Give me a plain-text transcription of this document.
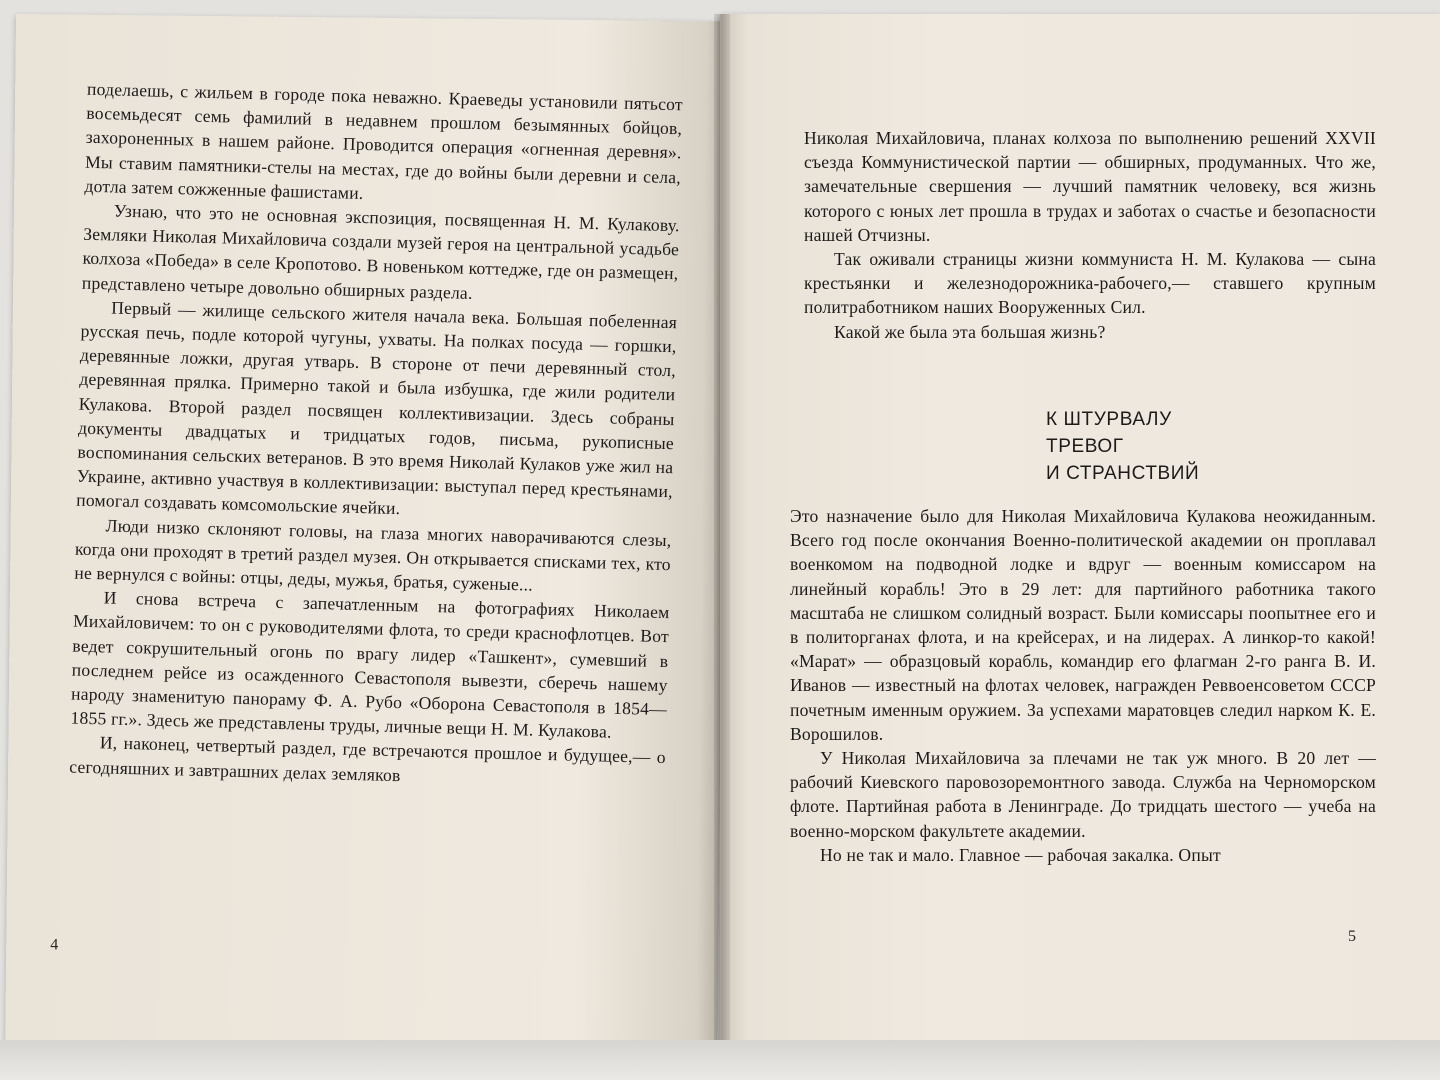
поделаешь, с жильем в городе пока неважно. Краеведы установили пятьсот восемьдесят семь фамилий в недавнем прошлом безымянных бойцов, захороненных в нашем районе. Проводится операция «огненная деревня». Мы ставим памятники-стелы на местах, где до войны были деревни и села, дотла затем сожженные фашистами.

Узнаю, что это не основная экспозиция, посвященная Н. М. Кулакову. Земляки Николая Михайловича создали музей героя на центральной усадьбе колхоза «Победа» в селе Кропотово. В новеньком коттедже, где он размещен, представлено четыре довольно обширных раздела.

Первый — жилище сельского жителя начала века. Большая побеленная русская печь, подле которой чугуны, ухваты. На полках посуда — горшки, деревянные ложки, другая утварь. В стороне от печи деревянный стол, деревянная прялка. Примерно такой и была избушка, где жили родители Кулакова. Второй раздел посвящен коллективизации. Здесь собраны документы двадцатых и тридцатых годов, письма, рукописные воспоминания сельских ветеранов. В это время Николай Кулаков уже жил на Украине, активно участвуя в коллективизации: выступал перед крестьянами, помогал создавать комсомольские ячейки.

Люди низко склоняют головы, на глаза многих наворачиваются слезы, когда они проходят в третий раздел музея. Он открывается списками тех, кто не вернулся с войны: отцы, деды, мужья, братья, суженые...

И снова встреча с запечатленным на фотографиях Николаем Михайловичем: то он с руководителями флота, то среди краснофлотцев. Вот ведет сокрушительный огонь по врагу лидер «Ташкент», сумевший в последнем рейсе из осажденного Севастополя вывезти, сберечь нашему народу знаменитую панораму Ф. А. Рубо «Оборона Севастополя в 1854—1855 гг.». Здесь же представлены труды, личные вещи Н. М. Кулакова.

И, наконец, четвертый раздел, где встречаются прошлое и будущее,— о сегодняшних и завтрашних делах земляков

4

Николая Михайловича, планах колхоза по выполнению решений XXVII съезда Коммунистической партии — обширных, продуманных. Что же, замечательные свершения — лучший памятник человеку, вся жизнь которого с юных лет прошла в трудах и заботах о счастье и безопасности нашей Отчизны.

Так оживали страницы жизни коммуниста Н. М. Кулакова — сына крестьянки и железнодорожника-рабочего,— ставшего крупным политработником наших Вооруженных Сил.

Какой же была эта большая жизнь?

К ШТУРВАЛУ
ТРЕВОГ
И СТРАНСТВИЙ

Это назначение было для Николая Михайловича Кулакова неожиданным. Всего год после окончания Военно-политической академии он проплавал военкомом на подводной лодке и вдруг — военным комиссаром на линейный корабль! Это в 29 лет: для партийного работника такого масштаба не слишком солидный возраст. Были комиссары поопытнее его и в политорганах флота, и на крейсерах, и на лидерах. А линкор-то какой! «Марат» — образцовый корабль, командир его флагман 2-го ранга В. И. Иванов — известный на флотах человек, награжден Реввоенсоветом СССР почетным именным оружием. За успехами маратовцев следил нарком К. Е. Ворошилов.

У Николая Михайловича за плечами не так уж много. В 20 лет — рабочий Киевского паровозоремонтного завода. Служба на Черноморском флоте. Партийная работа в Ленинграде. До тридцать шестого — учеба на военно-морском факультете академии.

Но не так и мало. Главное — рабочая закалка. Опыт

5
